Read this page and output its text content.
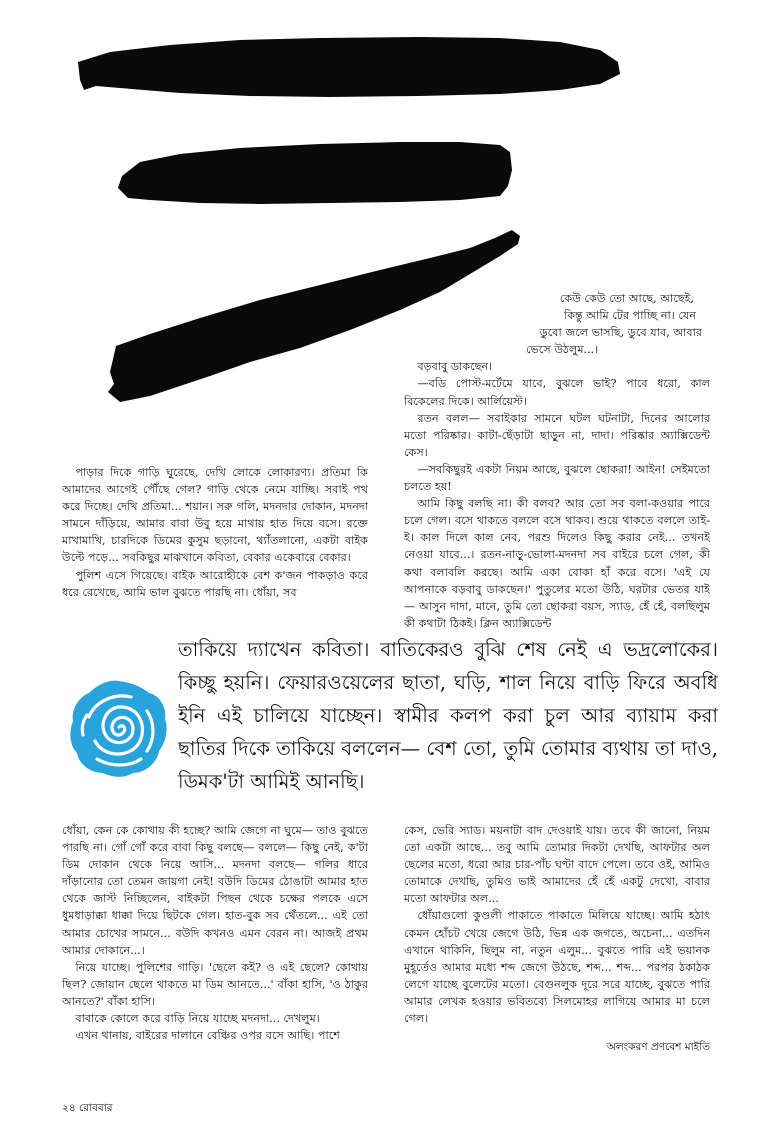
কেউ কেউ তো আছে, আছেই,

কিন্তু আমি টের পাচ্ছি না। যেন

ডুবো জলে ভাসছি, ডুবে যাব, আবার

ভেসে উঠলুম...।

বড়বাবু ডাকছেন।

—বডি পোস্ট-মর্টেমে যাবে, বুঝলে ভাই? পাবে ধরো, কাল বিকেলের দিকে। আর্লিয়েস্ট।

রতন বলল— সবাইকার সামনে ঘটল ঘটনাটা, দিনের আলোর মতো পরিষ্কার। কাটা-ছেঁড়াটা ছাড়ুন না, দাদা। পরিষ্কার অ্যাক্সিডেন্ট কেস।

—সবকিছুরই একটা নিয়ম আছে, বুঝলে ছোকরা! আইন! সেইমতো চলতে হয়!

আমি কিছু বলছি না। কী বলব? আর তো সব বলা-কওয়ার পারে চলে গেল। বসে থাকতে বললে বসে থাকব। শুয়ে থাকতে বললে তাই-ই। কাল দিলে কাল নেব, পরশু দিলেও কিছু করার নেই... তখনই নেওয়া যাবে...। রতন-নাড়ু-ভোলা-মদনদা সব বাইরে চলে গেল, কী কথা বলাবলি করছে। আমি একা বোকা হাঁ করে বসে। 'এই যে আপনাকে বড়বাবু ডাকছেন।' পুতুলের মতো উঠি, ঘরটার ভেতর যাই— আসুন দাদা, মানে, তুমি তো ছোকরা বয়স, স্যাড, হেঁ হেঁ, বলছিলুম কী কথাটা ঠিকই। ক্লিন অ্যাক্সিডেন্ট

পাড়ার দিকে গাড়ি ঘুরেছে, দেখি লোকে লোকারণ্য। প্রতিমা কি আমাদের আগেই পৌঁছে গেল? গাড়ি থেকে নেমে যাচ্ছি। সবাই পথ করে দিচ্ছে। দেখি প্রতিমা... শয়ান। সরু গলি, মদনদার দোকান, মদনদা সামনে দাঁড়িয়ে, আমার বাবা উবু হয়ে মাথায় হাত দিয়ে বসে। রক্তে মাখামাখি, চারদিকে ডিমের কুসুম ছড়ানো, থ্যাঁতলানো, একটা বাইক উল্টে পড়ে... সবকিছুর মাঝখানে কবিতা, বেকার একেবারে বেকার।

পুলিশ এসে গিয়েছে। বাইক আরোহীকে বেশ ক'জন পাকড়াও করে ধরে রেখেছে, আমি ভাল বুঝতে পারছি না। ধোঁয়া, সব

তাকিয়ে দ্যাখেন কবিতা। বাতিকেরও বুঝি শেষ নেই এ ভদ্রলোকের। কিচ্ছু হয়নি। ফেয়ারওয়েলের ছাতা, ঘড়ি, শাল নিয়ে বাড়ি ফিরে অবধি ইনি এই চালিয়ে যাচ্ছেন। স্বামীর কলপ করা চুল আর ব্যায়াম করা ছাতির দিকে তাকিয়ে বললেন— বেশ তো, তুমি তোমার ব্যথায় তা দাও, ডিমক'টা আমিই আনছি।

ধোঁয়া, কেন কে কোথায় কী হচ্ছে? আমি জেগে না ঘুমে— তাও বুঝতে পারছি না। গোঁ গোঁ করে বাবা কিছু বলছে— বললে— কিছু নেই, ক'টা ডিম দোকান থেকে নিয়ে আসি... মদনদা বলছে— গলির ধারে দাঁড়ানোর তো তেমন জায়গা নেই! বউদি ডিমের ঠোঙাটা আমার হাত থেকে জাস্ট নিচ্ছিলেন, বাইকটা পিছন থেকে চক্ষের পলকে এসে ধুমধাড়াক্কা ধাক্কা দিয়ে ছিটকে গেল। হাত-বুক সব থেঁতলে... এই তো আমার চোখের সামনে... বউদি কখনও এমন বেরন না। আজই প্রথম আমার দোকানে...।

নিয়ে যাচ্ছে। পুলিশের গাড়ি। 'ছেলে কই? ও এই ছেলে? কোথায় ছিল? জোয়ান ছেলে থাকতে মা ডিম আনতে...' বাঁকা হাসি, 'ও ঠাকুর আনতে?' বাঁকা হাসি।

বাবাকে কোলে করে বাড়ি নিয়ে যাচ্ছে মদনদা... দেখলুম।

এখন থানায়, বাইরের দালানে বেঞ্চির ওপর বসে আছি। পাশে

কেস, ভেরি স্যাড। ময়নাটা বাদ দেওয়াই যায়। তবে কী জানো, নিয়ম তো একটা আছে... তবু আমি তোমার দিকটা দেখছি, আফটার অল ছেলের মতো, ধরো আর চার-পাঁচ ঘণ্টা বাদে পেলে। তবে ওই, আমিও তোমাকে দেখছি, তুমিও ভাই আমাদের হেঁ হেঁ একটু দেখো, বাবার মতো আফটার অল...

ধোঁয়াগুলো কুণ্ডলী পাকাতে পাকাতে মিলিয়ে যাচ্ছে। আমি হঠাৎ কেমন হোঁচট খেয়ে জেগে উঠি, ভিন্ন এক জগতে, অচেনা... এতদিন এখানে থাকিনি, ছিলুম না, নতুন এলুম... বুঝতে পারি এই ভয়ানক মুহূর্তেও আমার মধ্যে শব্দ জেগে উঠছে, শব্দ... শব্দ... পরপর ঠকাঠক লেগে যাচ্ছে বুলেটের মতো। বেগুনলুক দূরে সরে যাচ্ছে, বুঝতে পারি আমার লেখক হওয়ার ভবিতব্যে সিলমোহর লাগিয়ে আমার মা চলে গেল।

অলংকরণ প্রণবেশ মাইতি
২৪ রোববার
